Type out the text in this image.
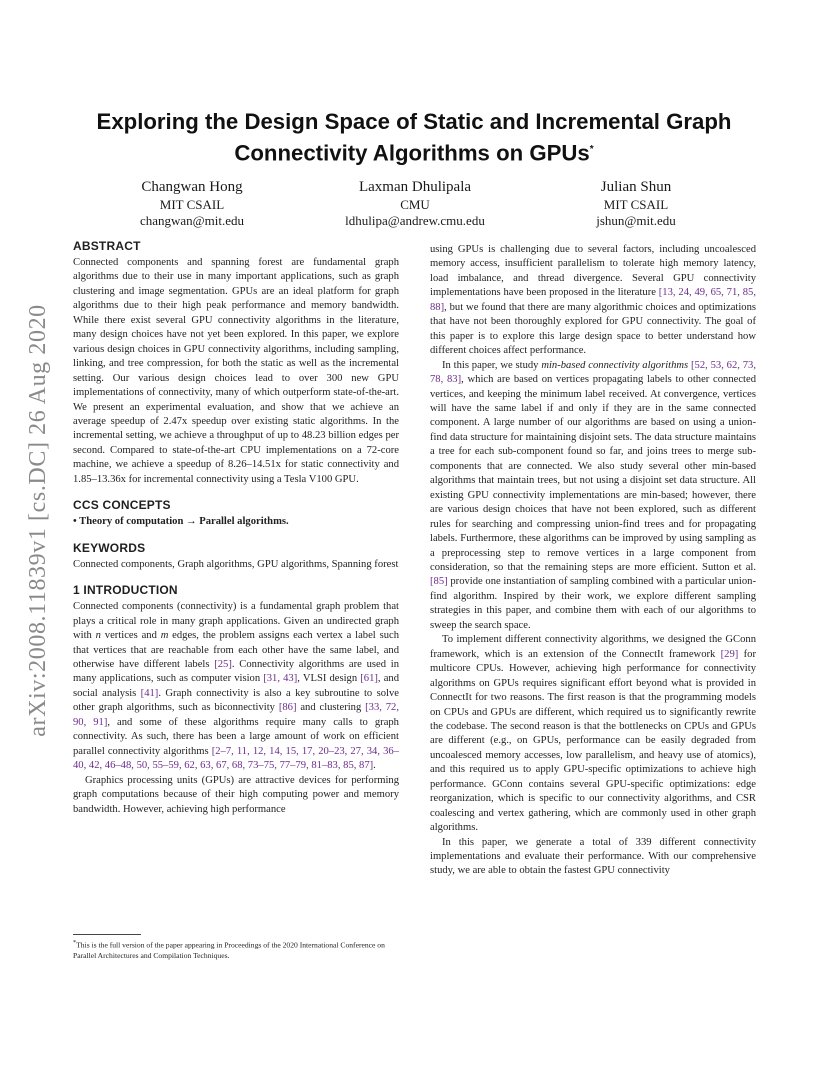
arXiv:2008.11839v1 [cs.DC] 26 Aug 2020
Exploring the Design Space of Static and Incremental Graph Connectivity Algorithms on GPUs*
Changwan Hong
MIT CSAIL
changwan@mit.edu
Laxman Dhulipala
CMU
ldhulipa@andrew.cmu.edu
Julian Shun
MIT CSAIL
jshun@mit.edu
ABSTRACT

Connected components and spanning forest are fundamental graph algorithms due to their use in many important applications, such as graph clustering and image segmentation. GPUs are an ideal platform for graph algorithms due to their high peak performance and memory bandwidth. While there exist several GPU connectivity algorithms in the literature, many design choices have not yet been explored. In this paper, we explore various design choices in GPU connectivity algorithms, including sampling, linking, and tree compression, for both the static as well as the incremental setting. Our various design choices lead to over 300 new GPU implementations of connectivity, many of which outperform state-of-the-art. We present an experimental evaluation, and show that we achieve an average speedup of 2.47x speedup over existing static algorithms. In the incremental setting, we achieve a throughput of up to 48.23 billion edges per second. Compared to state-of-the-art CPU implementations on a 72-core machine, we achieve a speedup of 8.26–14.51x for static connectivity and 1.85–13.36x for incremental connectivity using a Tesla V100 GPU.

CCS CONCEPTS

• Theory of computation → Parallel algorithms.

KEYWORDS

Connected components, Graph algorithms, GPU algorithms, Spanning forest

1 INTRODUCTION

Connected components (connectivity) is a fundamental graph problem that plays a critical role in many graph applications. Given an undirected graph with n vertices and m edges, the problem assigns each vertex a label such that vertices that are reachable from each other have the same label, and otherwise have different labels [25]. Connectivity algorithms are used in many applications, such as computer vision [31, 43], VLSI design [61], and social analysis [41]. Graph connectivity is also a key subroutine to solve other graph algorithms, such as biconnectivity [86] and clustering [33, 72, 90, 91], and some of these algorithms require many calls to graph connectivity. As such, there has been a large amount of work on efficient parallel connectivity algorithms [2–7, 11, 12, 14, 15, 17, 20–23, 27, 34, 36–40, 42, 46–48, 50, 55–59, 62, 63, 67, 68, 73–75, 77–79, 81–83, 85, 87].

Graphics processing units (GPUs) are attractive devices for performing graph computations because of their high computing power and memory bandwidth. However, achieving high performance

*This is the full version of the paper appearing in Proceedings of the 2020 International Conference on Parallel Architectures and Compilation Techniques.

using GPUs is challenging due to several factors, including uncoalesced memory access, insufficient parallelism to tolerate high memory latency, load imbalance, and thread divergence. Several GPU connectivity implementations have been proposed in the literature [13, 24, 49, 65, 71, 85, 88], but we found that there are many algorithmic choices and optimizations that have not been thoroughly explored for GPU connectivity. The goal of this paper is to explore this large design space to better understand how different choices affect performance.

In this paper, we study min-based connectivity algorithms [52, 53, 62, 73, 78, 83], which are based on vertices propagating labels to other connected vertices, and keeping the minimum label received. At convergence, vertices will have the same label if and only if they are in the same connected component. A large number of our algorithms are based on using a union-find data structure for maintaining disjoint sets. The data structure maintains a tree for each sub-component found so far, and joins trees to merge sub-components that are connected. We also study several other min-based algorithms that maintain trees, but not using a disjoint set data structure. All existing GPU connectivity implementations are min-based; however, there are various design choices that have not been explored, such as different rules for searching and compressing union-find trees and for propagating labels. Furthermore, these algorithms can be improved by using sampling as a preprocessing step to remove vertices in a large component from consideration, so that the remaining steps are more efficient. Sutton et al. [85] provide one instantiation of sampling combined with a particular union-find algorithm. Inspired by their work, we explore different sampling strategies in this paper, and combine them with each of our algorithms to sweep the search space.

To implement different connectivity algorithms, we designed the GConn framework, which is an extension of the ConnectIt framework [29] for multicore CPUs. However, achieving high performance for connectivity algorithms on GPUs requires significant effort beyond what is provided in ConnectIt for two reasons. The first reason is that the programming models on CPUs and GPUs are different, which required us to significantly rewrite the codebase. The second reason is that the bottlenecks on CPUs and GPUs are different (e.g., on GPUs, performance can be easily degraded from uncoalesced memory accesses, low parallelism, and heavy use of atomics), and this required us to apply GPU-specific optimizations to achieve high performance. GConn contains several GPU-specific optimizations: edge reorganization, which is specific to our connectivity algorithms, and CSR coalescing and vertex gathering, which are commonly used in other graph algorithms.

In this paper, we generate a total of 339 different connectivity implementations and evaluate their performance. With our comprehensive study, we are able to obtain the fastest GPU connectivity
